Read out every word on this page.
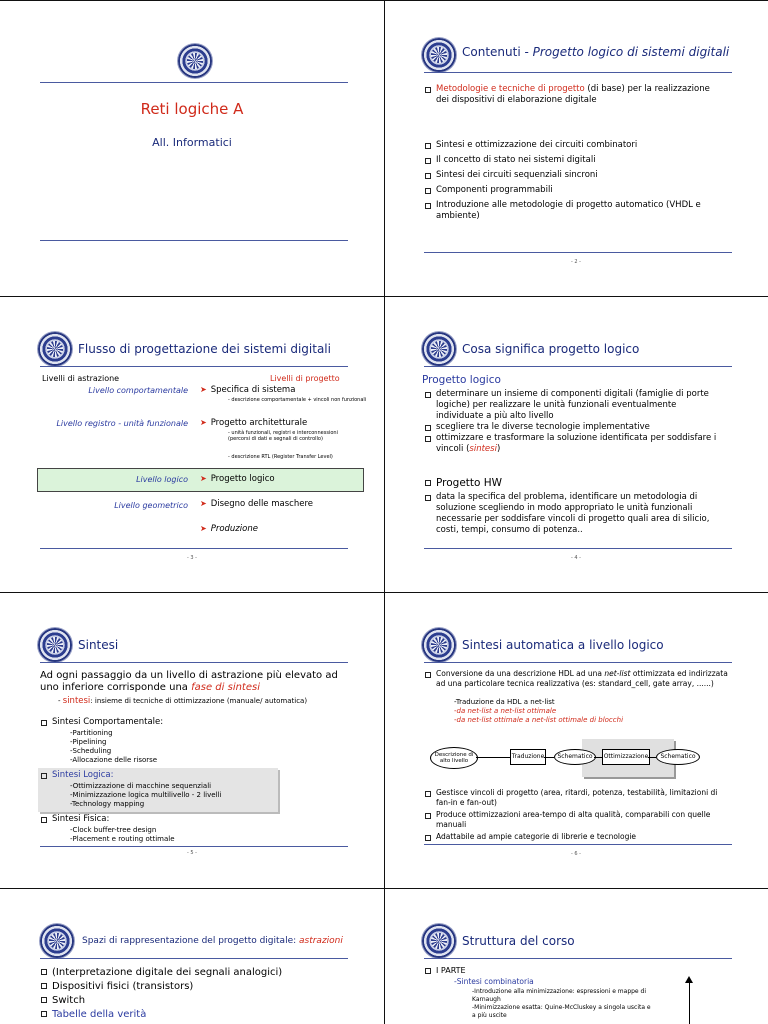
Reti logiche A
All. Informatici
Contenuti - Progetto logico di sistemi digitali
Metodologie e tecniche di progetto (di base) per la realizzazione dei dispositivi di elaborazione digitale
Sintesi e ottimizzazione dei circuiti combinatori
Il concetto di stato nei sistemi digitali
Sintesi dei circuiti sequenziali sincroni
Componenti programmabili
Introduzione alle metodologie di progetto automatico (VHDL e ambiente)
- 2 -
Flusso di progettazione dei sistemi digitali
Livelli di astrazione	Livelli di progetto
Livello comportamentale ➤ Specifica di sistema
- descrizione comportamentale + vincoli non funzionali
Livello registro - unità funzionale ➤ Progetto architetturale
- unità funzionali, registri e interconnessioni (percorsi di dati e segnali di controllo)
- descrizione RTL (Register Transfer Level)
Livello logico ➤ Progetto logico
Livello geometrico ➤ Disegno delle maschere
➤ Produzione
- 3 -
Cosa significa progetto logico
Progetto logico
determinare un insieme di componenti digitali (famiglie di porte logiche) per realizzare le unità funzionali eventualmente individuate a più alto livello
scegliere tra le diverse tecnologie implementative
ottimizzare e trasformare la soluzione identificata per soddisfare i vincoli (sintesi)
Progetto HW
data la specifica del problema, identificare un metodologia di soluzione scegliendo in modo appropriato le unità funzionali necessarie per soddisfare vincoli di progetto quali area di silicio, costi, tempi, consumo di potenza..
- 4 -
Sintesi
Ad ogni passaggio da un livello di astrazione più elevato ad uno inferiore corrisponde una fase di sintesi
- sintesi: insieme di tecniche di ottimizzazione (manuale/ automatica)
Sintesi Comportamentale:
- Partitioning
- Pipelining
- Scheduling
- Allocazione delle risorse
Sintesi Logica:
- Ottimizzazione di macchine sequenziali
- Minimizzazione logica multilivello - 2 livelli
- Technology mapping
Sintesi Fisica:
- Clock buffer-tree design
- Placement e routing ottimale
- 5 -
Sintesi automatica a livello logico
Conversione da una descrizione HDL ad una net-list ottimizzata ed indirizzata ad una particolare tecnica realizzativa (es: standard_cell, gate array, ......)
- Traduzione da HDL a net-list
- da net-list a net-list ottimale
- da net-list ottimale a net-list ottimale di blocchi
Descrizione di alto livello
Traduzione	Schematico	Ottimizzazione	Schematico
Gestisce vincoli di progetto (area, ritardi, potenza, testabilità, limitazioni di fan-in e fan-out)
Produce ottimizzazioni area-tempo di alta qualità, comparabili con quelle manuali
Adattabile ad ampie categorie di librerie e tecnologie
- 6 -
Spazi di rappresentazione del progetto digitale: astrazioni
(Interpretazione digitale dei segnali analogici)
Dispositivi fisici (transistors)
Switch
Tabelle della verità
Struttura del corso
I PARTE
- Sintesi combinatoria
- Introduzione alla minimizzazione: espressioni e mappe di Karnaugh
- Minimizzazione esatta: Quine-McCluskey a singola uscita e a più uscite
